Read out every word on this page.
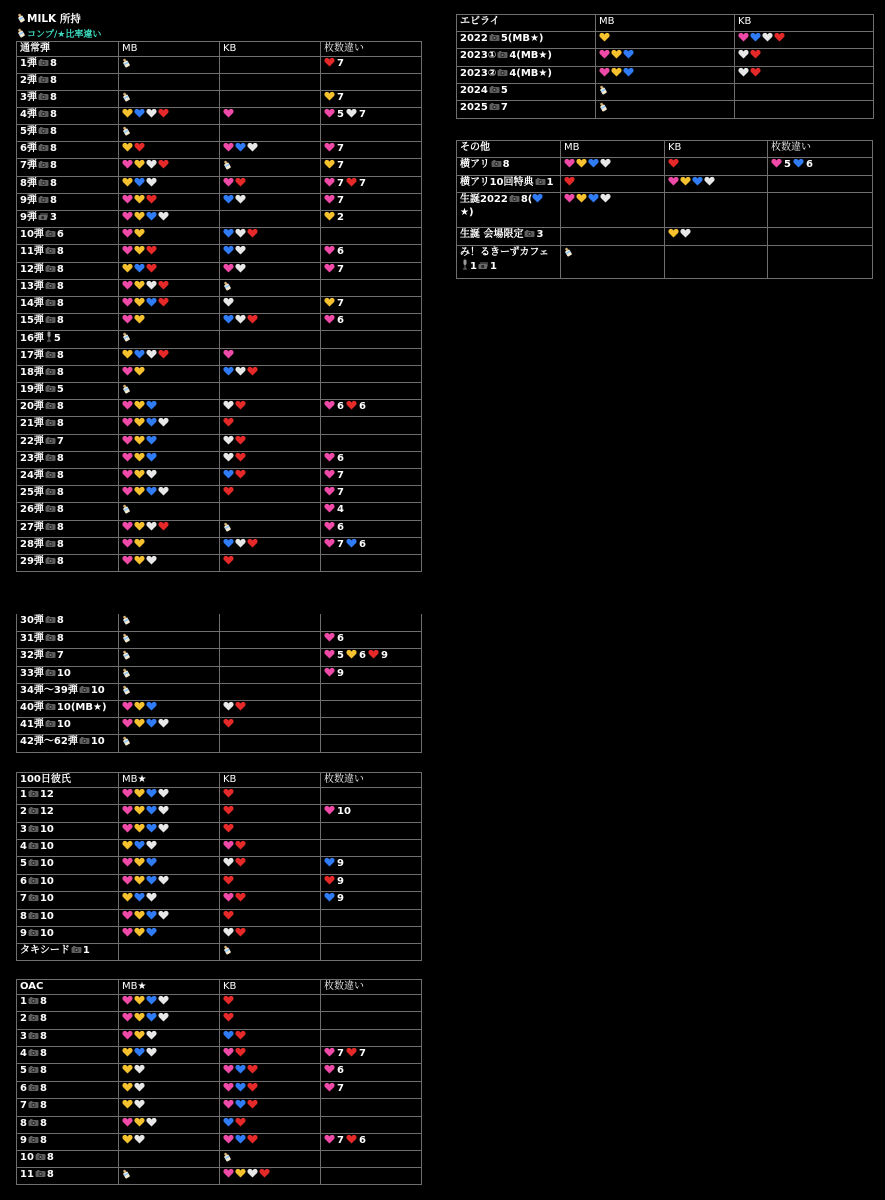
MILK 所持
コンプ/★比率違い
通常弾	MB	KB	枚数違い
1弾 8			7
2弾 8			
3弾 8			7
4弾 8			5 7
5弾 8			
6弾 8			7
7弾 8			7
8弾 8			7 7
9弾 8			7
9弾 3			2
10弾 6			
11弾 8			6
12弾 8			7
13弾 8			
14弾 8			7
15弾 8			6
16弾 5			
17弾 8			
18弾 8			
19弾 5			
20弾 8			6 6
21弾 8			
22弾 7			
23弾 8			6
24弾 8			7
25弾 8			7
26弾 8			4
27弾 8			6
28弾 8			7 6
29弾 8			
30弾 8			
31弾 8			6
32弾 7			5 6 9
33弾 10			9
34弾〜39弾 10			
40弾 10(MB★)			
41弾 10			
42弾〜62弾 10			
100日彼氏	MB★	KB	枚数違い
1 12			
2 12			10
3 10			
4 10			
5 10			9
6 10			9
7 10			9
8 10			
9 10			
タキシード 1			
OAC	MB★	KB	枚数違い
1 8			
2 8			
3 8			
4 8			7 7
5 8			6
6 8			7
7 8			
8 8			
9 8			7 6
10 8			
11 8			
エビライ	MB	KB
2022 5(MB★)		
2023① 4(MB★)		
2023② 4(MB★)		
2024 5		
2025 7		
その他	MB	KB	枚数違い
横アリ 8			5 6
横アリ10回特典 1			
生誕2022 8(★)			
生誕 会場限定 3			
み！るきーずカフェ 1 1			
